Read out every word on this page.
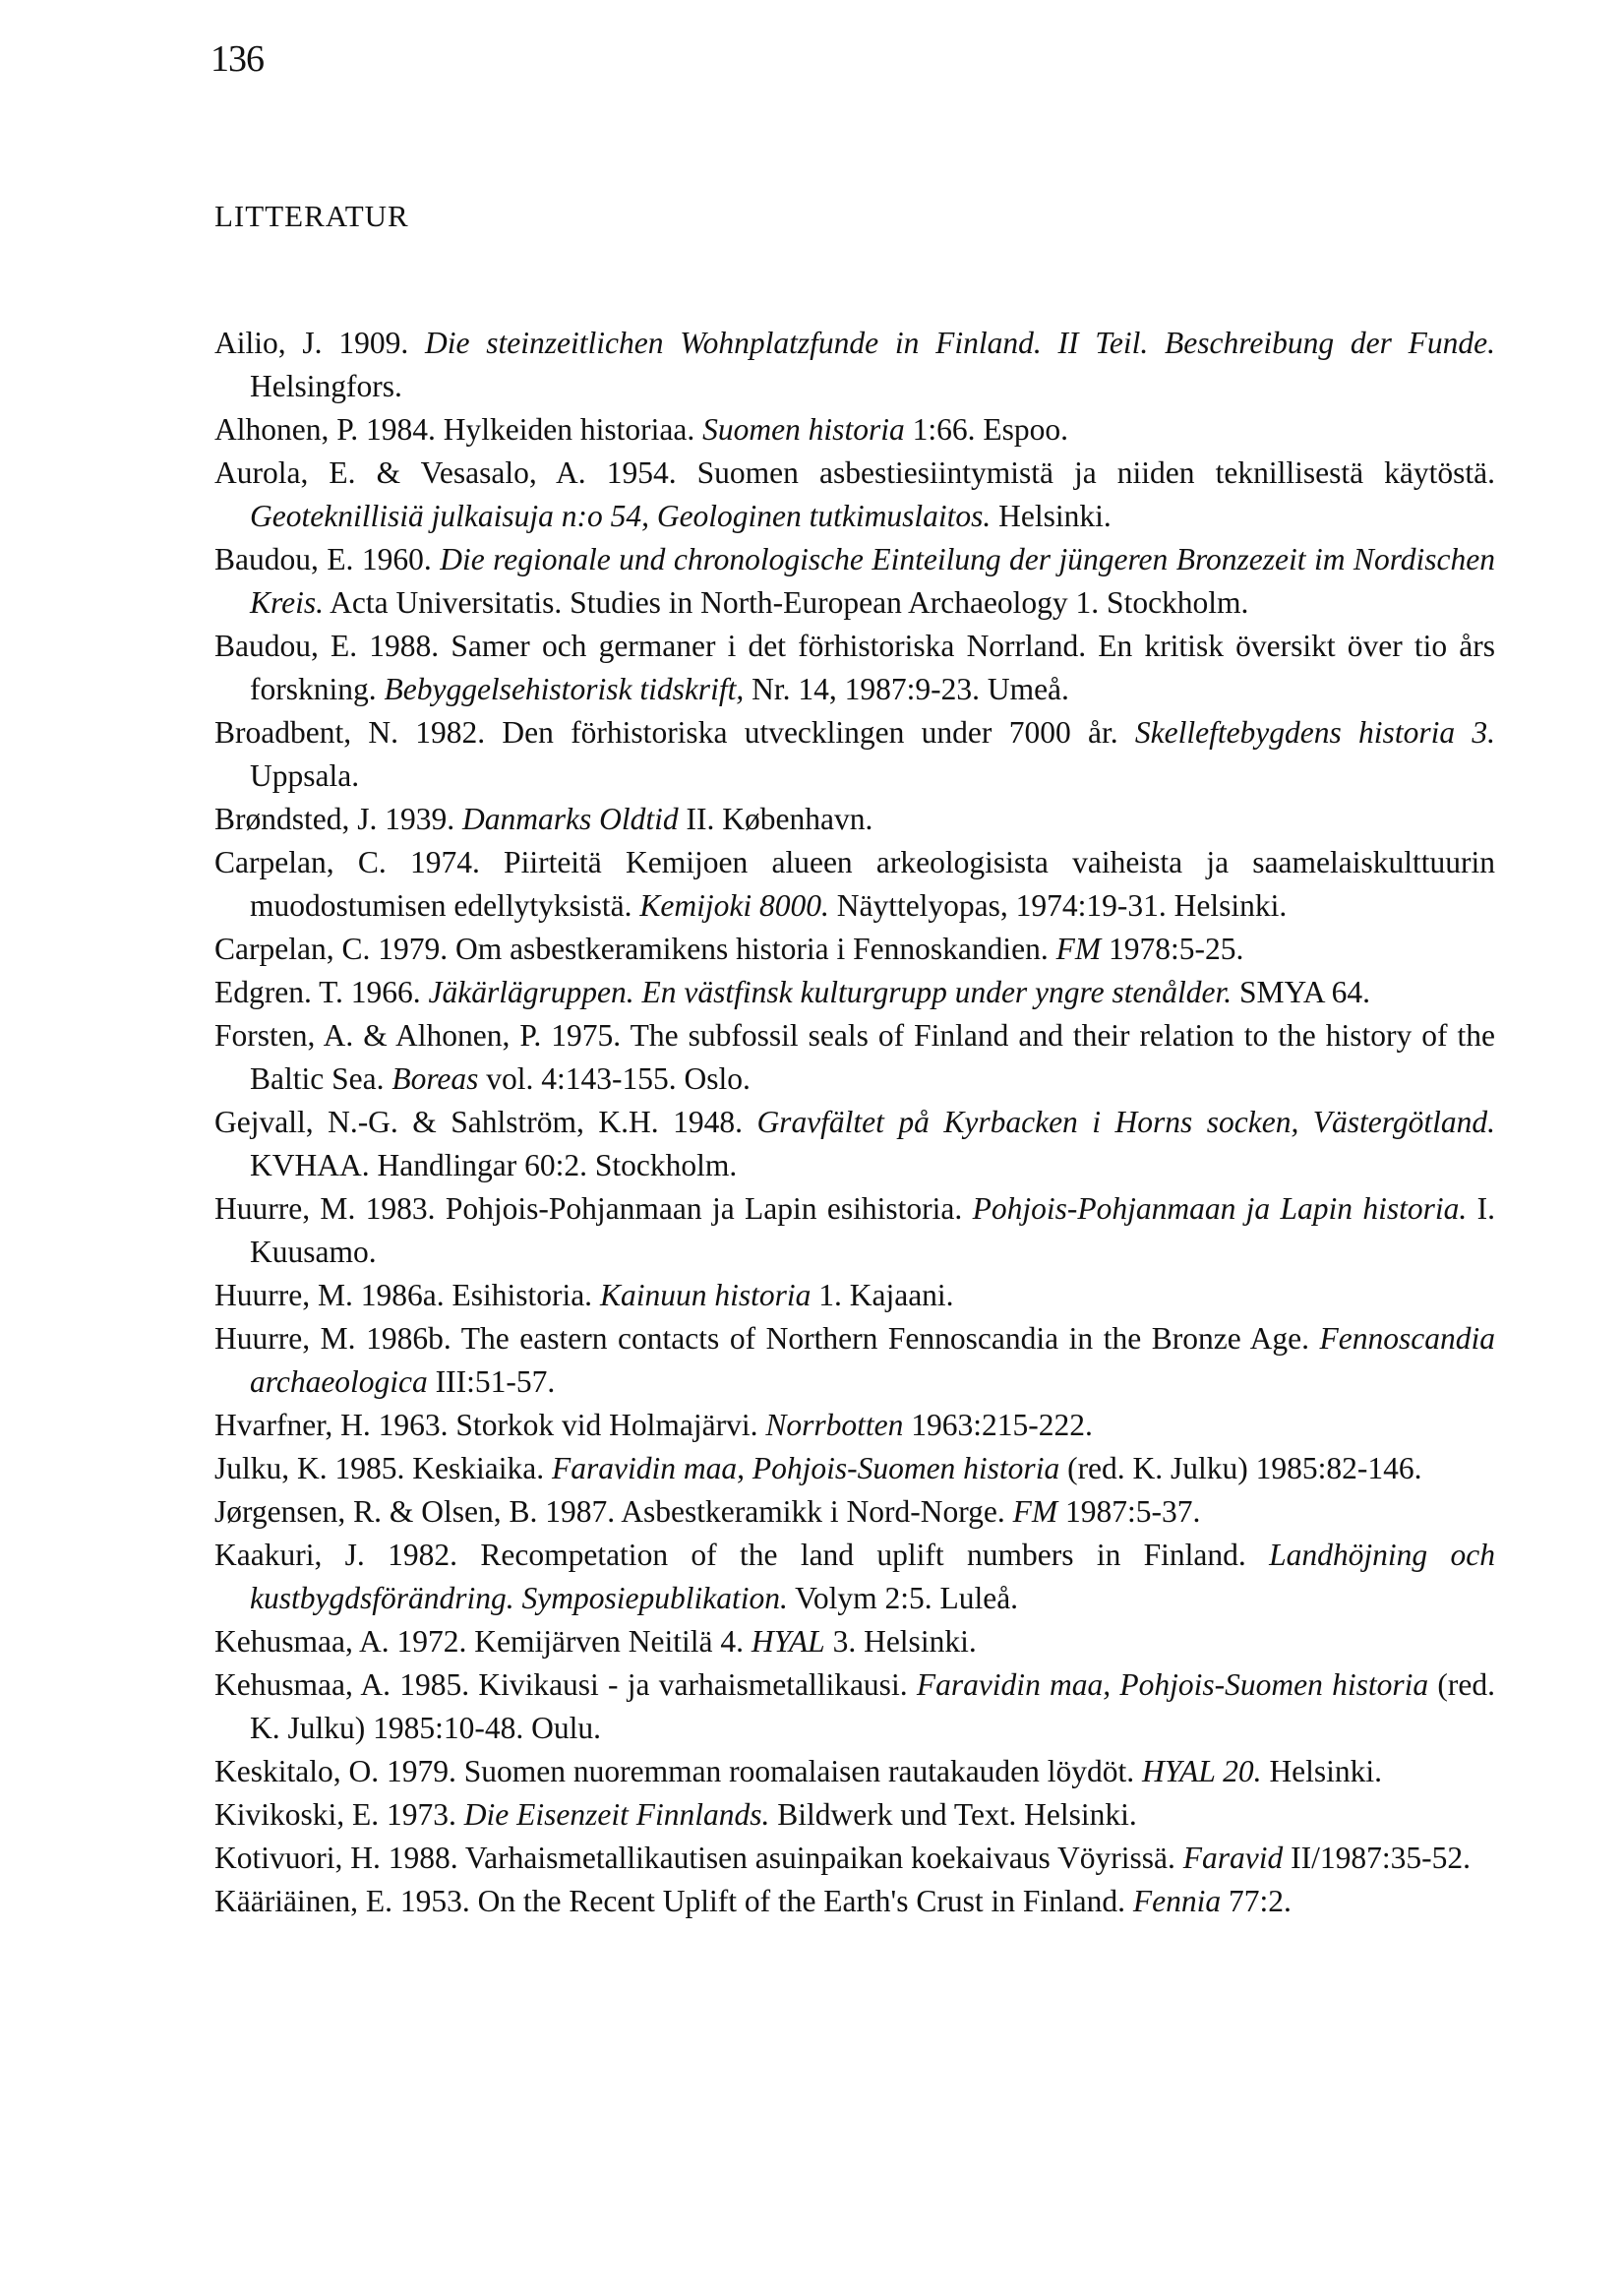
136
LITTERATUR

Ailio, J. 1909. Die steinzeitlichen Wohnplatzfunde in Finland. II Teil. Beschreibung der Funde. Helsingfors.

Alhonen, P. 1984. Hylkeiden historiaa. Suomen historia 1:66. Espoo.

Aurola, E. & Vesasalo, A. 1954. Suomen asbestiesiintymistä ja niiden teknillisestä käytöstä. Geoteknillisiä julkaisuja n:o 54, Geologinen tutkimuslaitos. Helsinki.

Baudou, E. 1960. Die regionale und chronologische Einteilung der jüngeren Bronzezeit im Nordischen Kreis. Acta Universitatis. Studies in North-European Archaeology 1. Stockholm.

Baudou, E. 1988. Samer och germaner i det förhistoriska Norrland. En kritisk översikt över tio års forskning. Bebyggelsehistorisk tidskrift, Nr. 14, 1987:9-23. Umeå.

Broadbent, N. 1982. Den förhistoriska utvecklingen under 7000 år. Skelleftebygdens historia 3. Uppsala.

Brøndsted, J. 1939. Danmarks Oldtid II. København.

Carpelan, C. 1974. Piirteitä Kemijoen alueen arkeologisista vaiheista ja saamelaiskulttuurin muodostumisen edellytyksistä. Kemijoki 8000. Näyttelyopas, 1974:19-31. Helsinki.

Carpelan, C. 1979. Om asbestkeramikens historia i Fennoskandien. FM 1978:5-25.

Edgren. T. 1966. Jäkärlägruppen. En västfinsk kulturgrupp under yngre stenålder. SMYA 64.

Forsten, A. & Alhonen, P. 1975. The subfossil seals of Finland and their relation to the history of the Baltic Sea. Boreas vol. 4:143-155. Oslo.

Gejvall, N.-G. & Sahlström, K.H. 1948. Gravfältet på Kyrbacken i Horns socken, Västergötland. KVHAA. Handlingar 60:2. Stockholm.

Huurre, M. 1983. Pohjois-Pohjanmaan ja Lapin esihistoria. Pohjois-Pohjanmaan ja Lapin historia. I. Kuusamo.

Huurre, M. 1986a. Esihistoria. Kainuun historia 1. Kajaani.

Huurre, M. 1986b. The eastern contacts of Northern Fennoscandia in the Bronze Age. Fennoscandia archaeologica III:51-57.

Hvarfner, H. 1963. Storkok vid Holmajärvi. Norrbotten 1963:215-222.

Julku, K. 1985. Keskiaika. Faravidin maa, Pohjois-Suomen historia (red. K. Julku) 1985:82-146.

Jørgensen, R. & Olsen, B. 1987. Asbestkeramikk i Nord-Norge. FM 1987:5-37.

Kaakuri, J. 1982. Recompetation of the land uplift numbers in Finland. Landhöjning och kustbygdsförändring. Symposiepublikation. Volym 2:5. Luleå.

Kehusmaa, A. 1972. Kemijärven Neitilä 4. HYAL 3. Helsinki.

Kehusmaa, A. 1985. Kivikausi - ja varhaismetallikausi. Faravidin maa, Pohjois-Suomen historia (red. K. Julku) 1985:10-48. Oulu.

Keskitalo, O. 1979. Suomen nuoremman roomalaisen rautakauden löydöt. HYAL 20. Helsinki.

Kivikoski, E. 1973. Die Eisenzeit Finnlands. Bildwerk und Text. Helsinki.

Kotivuori, H. 1988. Varhaismetallikautisen asuinpaikan koekaivaus Vöyrissä. Faravid II/1987:35-52.

Kääriäinen, E. 1953. On the Recent Uplift of the Earth's Crust in Finland. Fennia 77:2.
